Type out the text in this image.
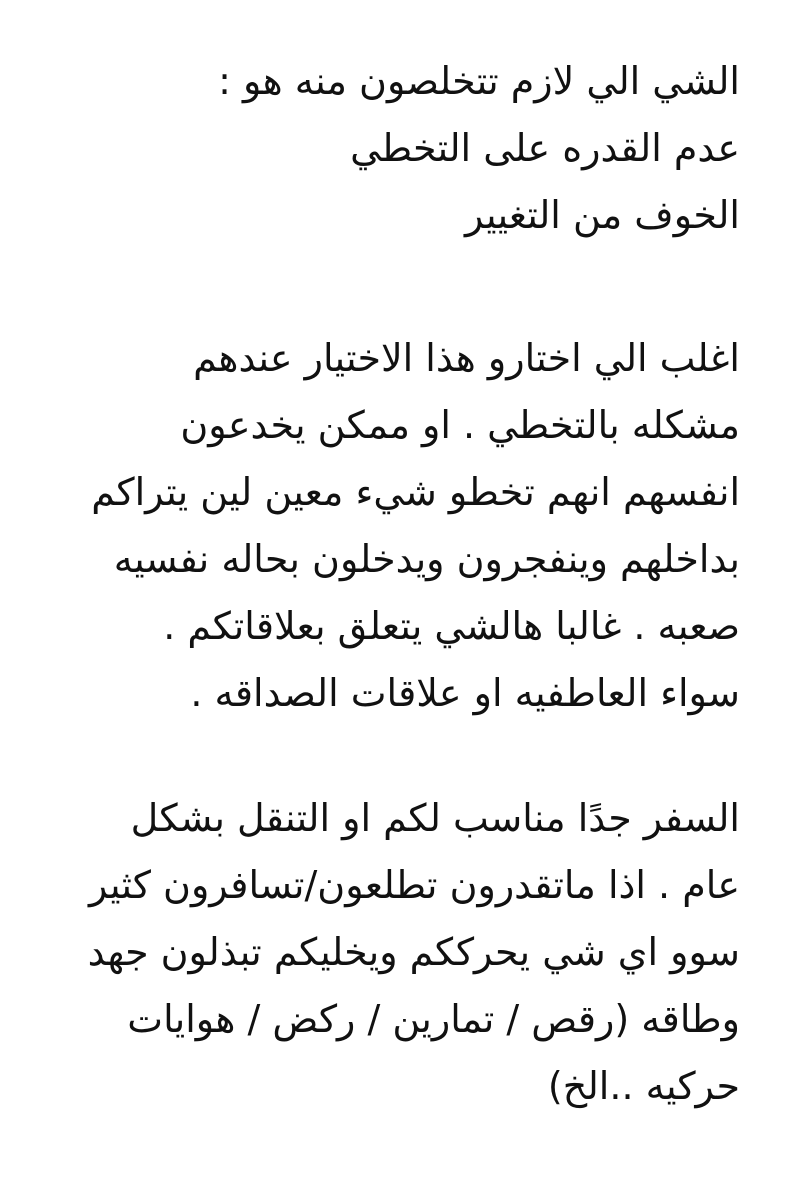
الشي الي لازم تتخلصون منه هو :
عدم القدره على التخطي
الخوف من التغيير
اغلب الي اختارو هذا الاختيار عندهم
مشكله بالتخطي . او ممكن يخدعون
انفسهم انهم تخطو شيء معين لين يتراكم
بداخلهم وينفجرون ويدخلون بحاله نفسيه
صعبه . غالبا هالشي يتعلق بعلاقاتكم .
سواء العاطفيه او علاقات الصداقه .
السفر جدًا مناسب لكم او التنقل بشكل
عام . اذا ماتقدرون تطلعون/تسافرون كثير
سوو اي شي يحرككم ويخليكم تبذلون جهد
وطاقه (رقص / تمارين / ركض / هوايات
حركيه ..الخ)
